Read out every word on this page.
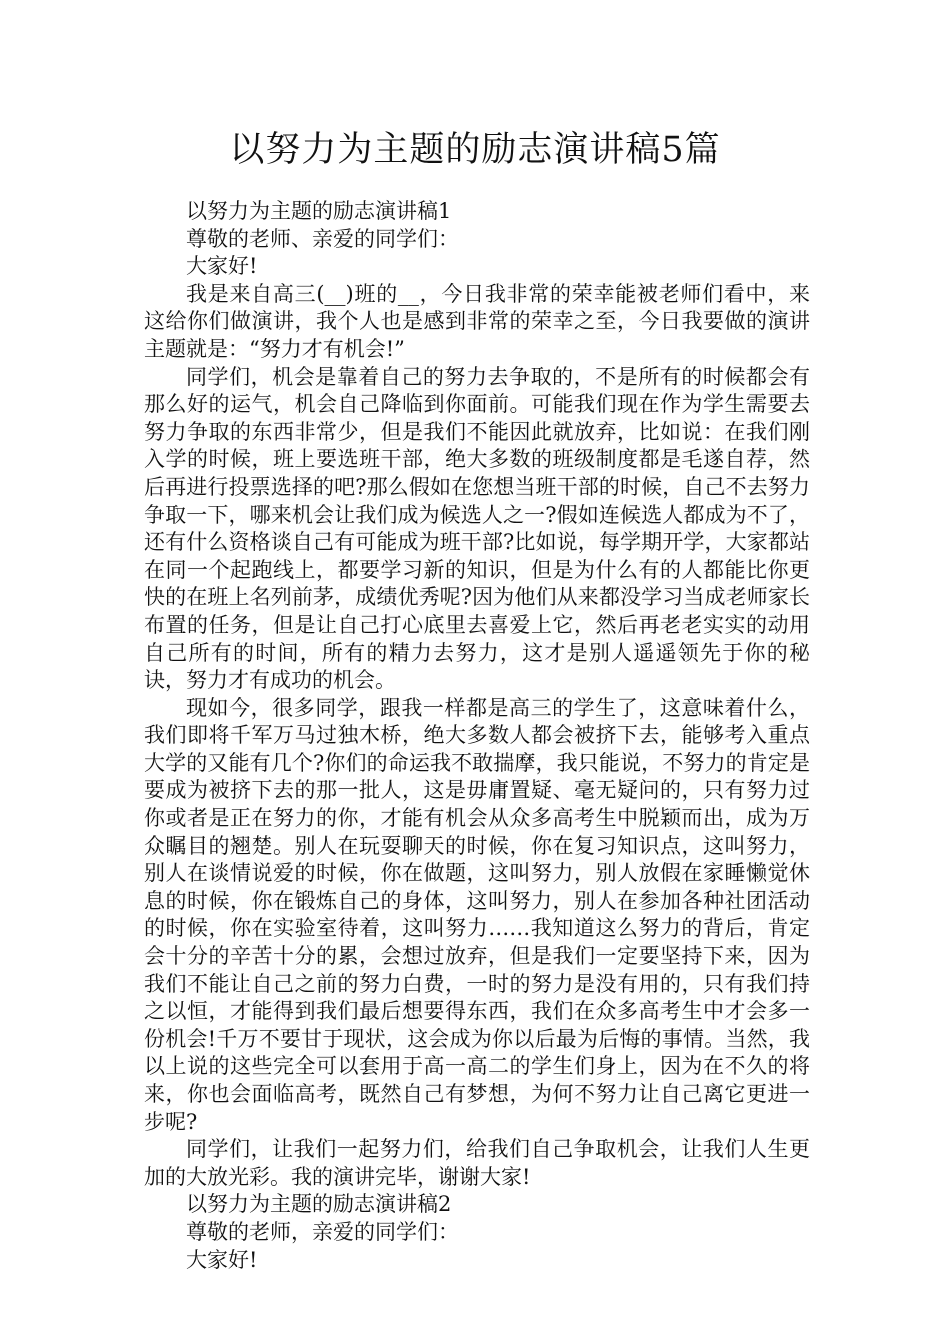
以努力为主题的励志演讲稿5篇

以努力为主题的励志演讲稿1

尊敬的老师、亲爱的同学们：

大家好!

我是来自高三(__)班的__，今日我非常的荣幸能被老师们看中，来这给你们做演讲，我个人也是感到非常的荣幸之至，今日我要做的演讲主题就是：“努力才有机会!”

同学们，机会是靠着自己的努力去争取的，不是所有的时候都会有那么好的运气，机会自己降临到你面前。可能我们现在作为学生需要去努力争取的东西非常少，但是我们不能因此就放弃，比如说：在我们刚入学的时候，班上要选班干部，绝大多数的班级制度都是毛遂自荐，然后再进行投票选择的吧?那么假如在您想当班干部的时候，自己不去努力争取一下，哪来机会让我们成为候选人之一?假如连候选人都成为不了，还有什么资格谈自己有可能成为班干部?比如说，每学期开学，大家都站在同一个起跑线上，都要学习新的知识，但是为什么有的人都能比你更快的在班上名列前茅，成绩优秀呢?因为他们从来都没学习当成老师家长布置的任务，但是让自己打心底里去喜爱上它，然后再老老实实的动用自己所有的时间，所有的精力去努力，这才是别人遥遥领先于你的秘诀，努力才有成功的机会。

现如今，很多同学，跟我一样都是高三的学生了，这意味着什么，我们即将千军万马过独木桥，绝大多数人都会被挤下去，能够考入重点大学的又能有几个?你们的命运我不敢揣摩，我只能说，不努力的肯定是要成为被挤下去的那一批人，这是毋庸置疑、毫无疑问的，只有努力过你或者是正在努力的你，才能有机会从众多高考生中脱颖而出，成为万众瞩目的翘楚。别人在玩耍聊天的时候，你在复习知识点，这叫努力，别人在谈情说爱的时候，你在做题，这叫努力，别人放假在家睡懒觉休息的时候，你在锻炼自己的身体，这叫努力，别人在参加各种社团活动的时候，你在实验室待着，这叫努力……我知道这么努力的背后，肯定会十分的辛苦十分的累，会想过放弃，但是我们一定要坚持下来，因为我们不能让自己之前的努力白费，一时的努力是没有用的，只有我们持之以恒，才能得到我们最后想要得东西，我们在众多高考生中才会多一份机会!千万不要甘于现状，这会成为你以后最为后悔的事情。当然，我以上说的这些完全可以套用于高一高二的学生们身上，因为在不久的将来，你也会面临高考，既然自己有梦想，为何不努力让自己离它更进一步呢?

同学们，让我们一起努力们，给我们自己争取机会，让我们人生更加的大放光彩。我的演讲完毕，谢谢大家!

以努力为主题的励志演讲稿2

尊敬的老师，亲爱的同学们：

大家好!
